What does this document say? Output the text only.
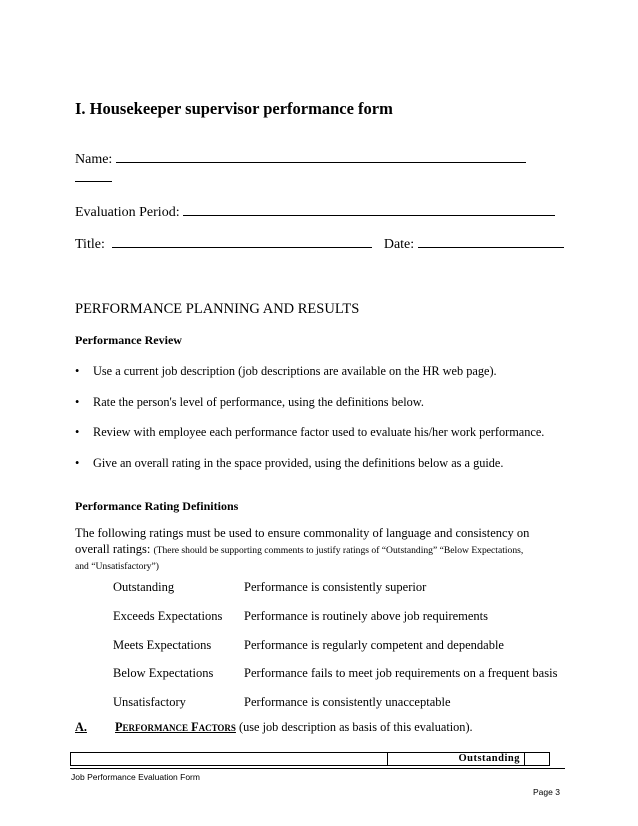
I. Housekeeper supervisor performance form
Name:
Evaluation Period:
Title:	Date:
PERFORMANCE PLANNING AND RESULTS
Performance Review
• Use a current job description (job descriptions are available on the HR web page).
• Rate the person's level of performance, using the definitions below.
• Review with employee each performance factor used to evaluate his/her work performance.
• Give an overall rating in the space provided, using the definitions below as a guide.
Performance Rating Definitions
The following ratings must be used to ensure commonality of language and consistency on
overall ratings: (There should be supporting comments to justify ratings of “Outstanding” “Below Expectations,
and “Unsatisfactory”)
Outstanding	Performance is consistently superior
Exceeds Expectations Performance is routinely above job requirements
Meets Expectations	Performance is regularly competent and dependable
Below Expectations Performance fails to meet job requirements on a frequent basis
Unsatisfactory	Performance is consistently unacceptable
A. Performance Factors (use job description as basis of this evaluation).
Outstanding
Job Performance Evaluation Form
Page 3
